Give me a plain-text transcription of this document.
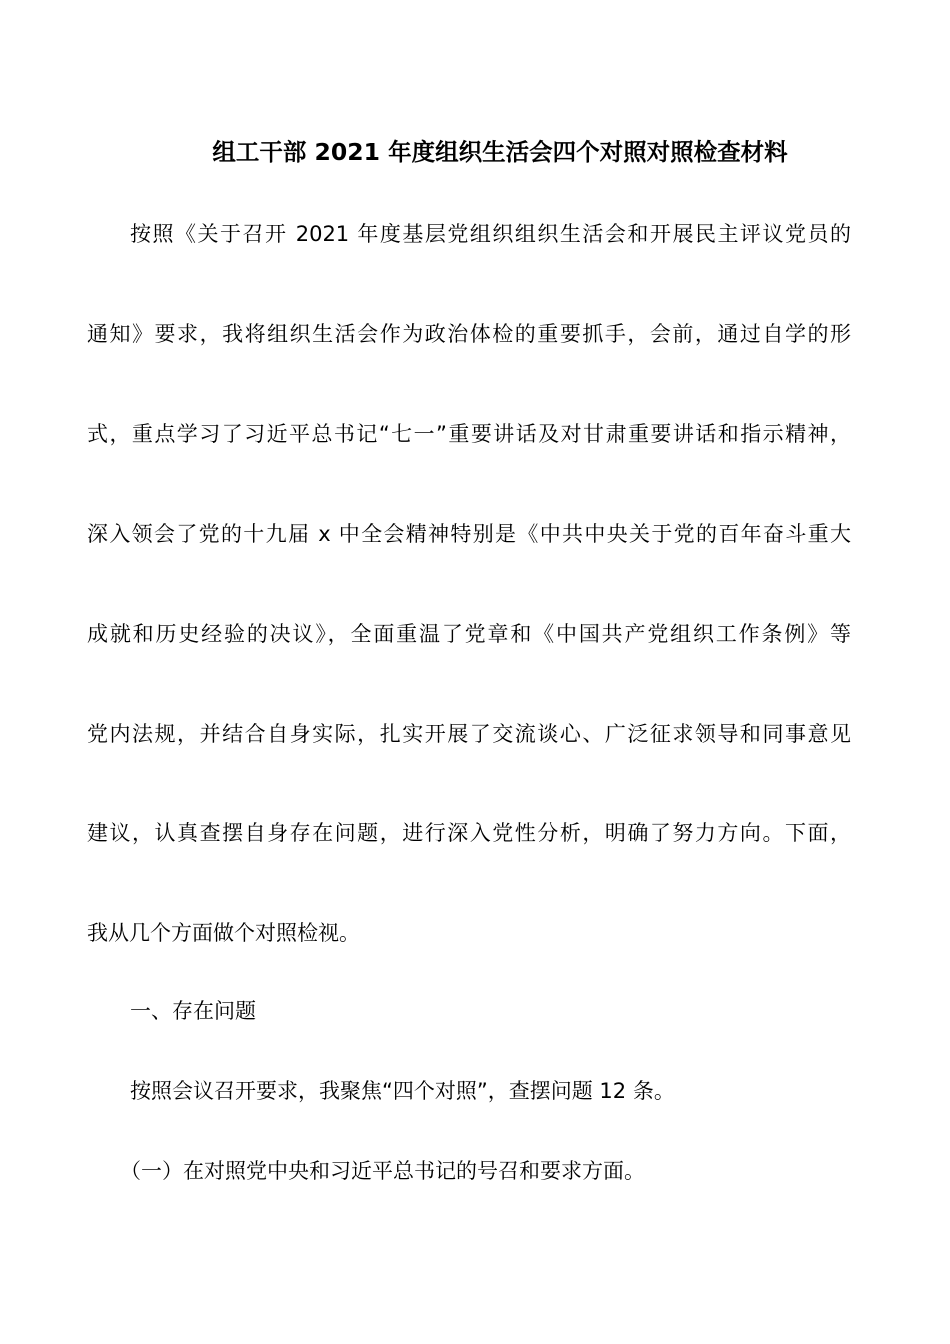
组工干部 2021 年度组织生活会四个对照对照检查材料

按照《关于召开 2021 年度基层党组织组织生活会和开展民主评议党员的

通知》要求，我将组织生活会作为政治体检的重要抓手，会前，通过自学的形

式，重点学习了习近平总书记“七一”重要讲话及对甘肃重要讲话和指示精神，

深入领会了党的十九届 x 中全会精神特别是《中共中央关于党的百年奋斗重大

成就和历史经验的决议》，全面重温了党章和《中国共产党组织工作条例》等

党内法规，并结合自身实际，扎实开展了交流谈心、广泛征求领导和同事意见

建议，认真查摆自身存在问题，进行深入党性分析，明确了努力方向。下面，

我从几个方面做个对照检视。

一、存在问题

按照会议召开要求，我聚焦“四个对照”，查摆问题 12 条。

（一）在对照党中央和习近平总书记的号召和要求方面。
